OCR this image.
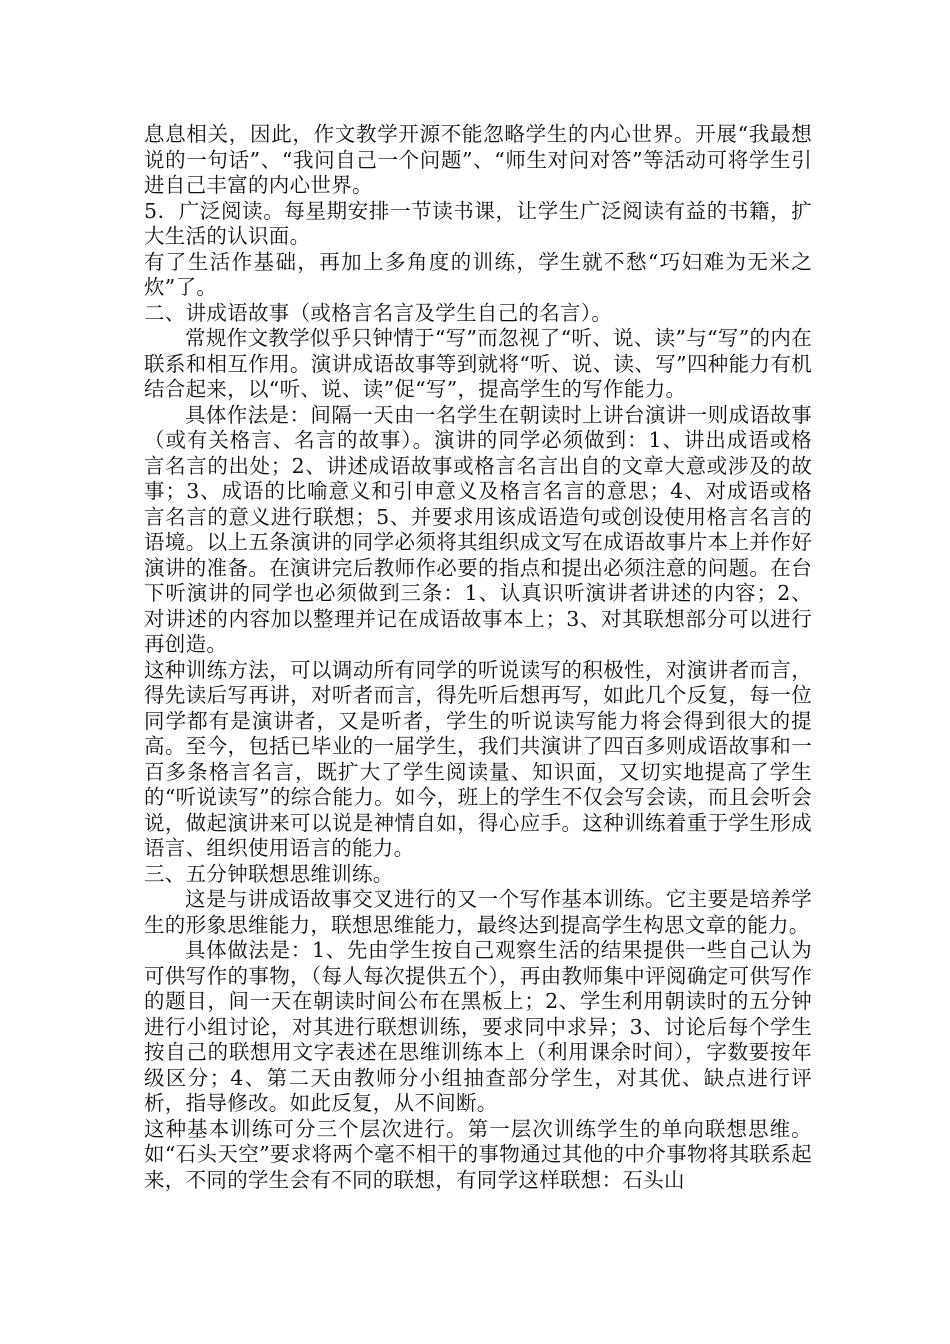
息息相关，因此，作文教学开源不能忽略学生的内心世界。开展“我最想说的一句话”、“我问自己一个问题”、“师生对问对答”等活动可将学生引进自己丰富的内心世界。

5．广泛阅读。每星期安排一节读书课，让学生广泛阅读有益的书籍，扩大生活的认识面。

有了生活作基础，再加上多角度的训练，学生就不愁“巧妇难为无米之炊”了。

二、讲成语故事（或格言名言及学生自己的名言）。

常规作文教学似乎只钟情于“写”而忽视了“听、说、读”与“写”的内在联系和相互作用。演讲成语故事等到就将“听、说、读、写”四种能力有机结合起来，以“听、说、读”促“写”，提高学生的写作能力。

具体作法是：间隔一天由一名学生在朝读时上讲台演讲一则成语故事（或有关格言、名言的故事）。演讲的同学必须做到：1、讲出成语或格言名言的出处；2、讲述成语故事或格言名言出自的文章大意或涉及的故事；3、成语的比喻意义和引申意义及格言名言的意思；4、对成语或格言名言的意义进行联想；5、并要求用该成语造句或创设使用格言名言的语境。以上五条演讲的同学必须将其组织成文写在成语故事片本上并作好演讲的准备。在演讲完后教师作必要的指点和提出必须注意的问题。在台下听演讲的同学也必须做到三条：1、认真识听演讲者讲述的内容；2、对讲述的内容加以整理并记在成语故事本上；3、对其联想部分可以进行再创造。

这种训练方法，可以调动所有同学的听说读写的积极性，对演讲者而言，得先读后写再讲，对听者而言，得先听后想再写，如此几个反复，每一位同学都有是演讲者，又是听者，学生的听说读写能力将会得到很大的提高。至今，包括已毕业的一届学生，我们共演讲了四百多则成语故事和一百多条格言名言，既扩大了学生阅读量、知识面，又切实地提高了学生的“听说读写”的综合能力。如今，班上的学生不仅会写会读，而且会听会说，做起演讲来可以说是神情自如，得心应手。这种训练着重于学生形成语言、组织使用语言的能力。

三、五分钟联想思维训练。

这是与讲成语故事交叉进行的又一个写作基本训练。它主要是培养学生的形象思维能力，联想思维能力，最终达到提高学生构思文章的能力。

具体做法是：1、先由学生按自己观察生活的结果提供一些自己认为可供写作的事物，（每人每次提供五个），再由教师集中评阅确定可供写作的题目，间一天在朝读时间公布在黑板上；2、学生利用朝读时的五分钟进行小组讨论，对其进行联想训练，要求同中求异；3、讨论后每个学生按自己的联想用文字表述在思维训练本上（利用课余时间），字数要按年级区分；4、第二天由教师分小组抽查部分学生，对其优、缺点进行评析，指导修改。如此反复，从不间断。

这种基本训练可分三个层次进行。第一层次训练学生的单向联想思维。如“石头天空”要求将两个毫不相干的事物通过其他的中介事物将其联系起来，不同的学生会有不同的联想，有同学这样联想：石头山
